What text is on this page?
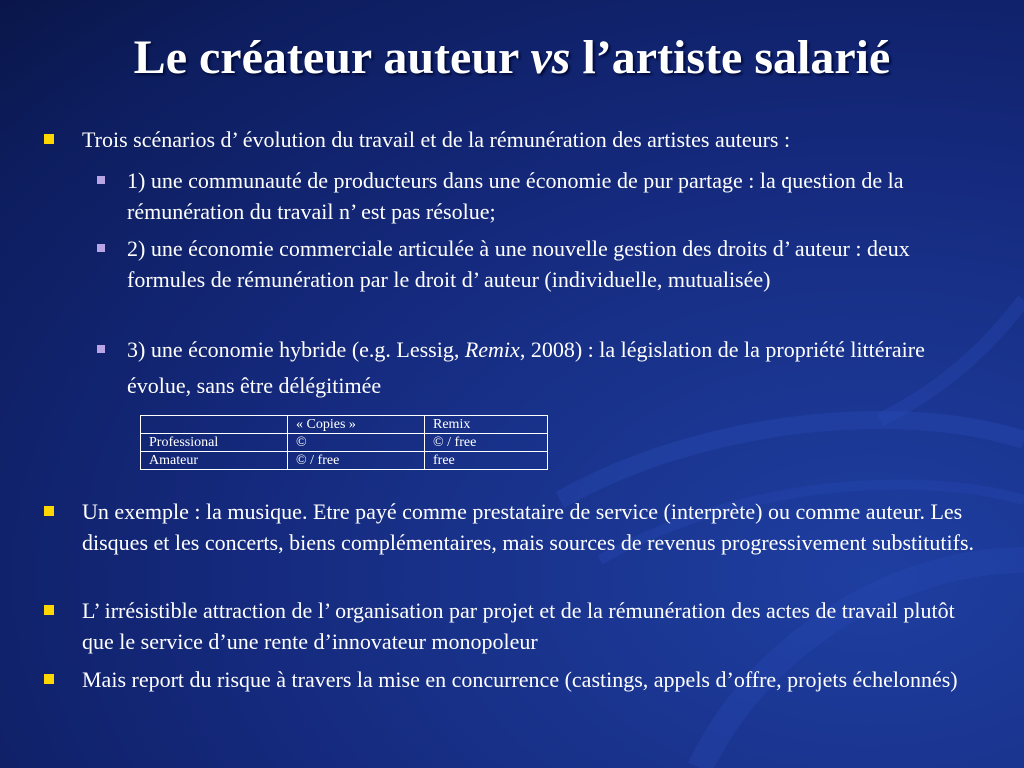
Le créateur auteur vs l’artiste salarié
Trois scénarios d’ évolution du travail et de la rémunération des artistes auteurs :
1) une communauté de producteurs dans une économie de pur partage : la question de la rémunération du travail n’ est pas résolue;
2) une économie commerciale articulée à une nouvelle gestion des droits d’ auteur : deux formules de rémunération par le droit d’ auteur (individuelle, mutualisée)
3) une économie hybride (e.g. Lessig, Remix, 2008) : la législation de la propriété littéraire évolue, sans être délégitimée
	« Copies »	Remix
Professional	©	© / free
Amateur	© / free	free
Un exemple : la musique. Etre payé comme prestataire de service (interprète) ou comme auteur. Les disques et les concerts, biens complémentaires, mais sources de revenus progressivement substitutifs.
L’ irrésistible attraction de l’ organisation par projet et de la rémunération des actes de travail plutôt que le service d’une rente d’innovateur monopoleur
Mais report du risque à travers la mise en concurrence (castings, appels d’offre, projets échelonnés)
